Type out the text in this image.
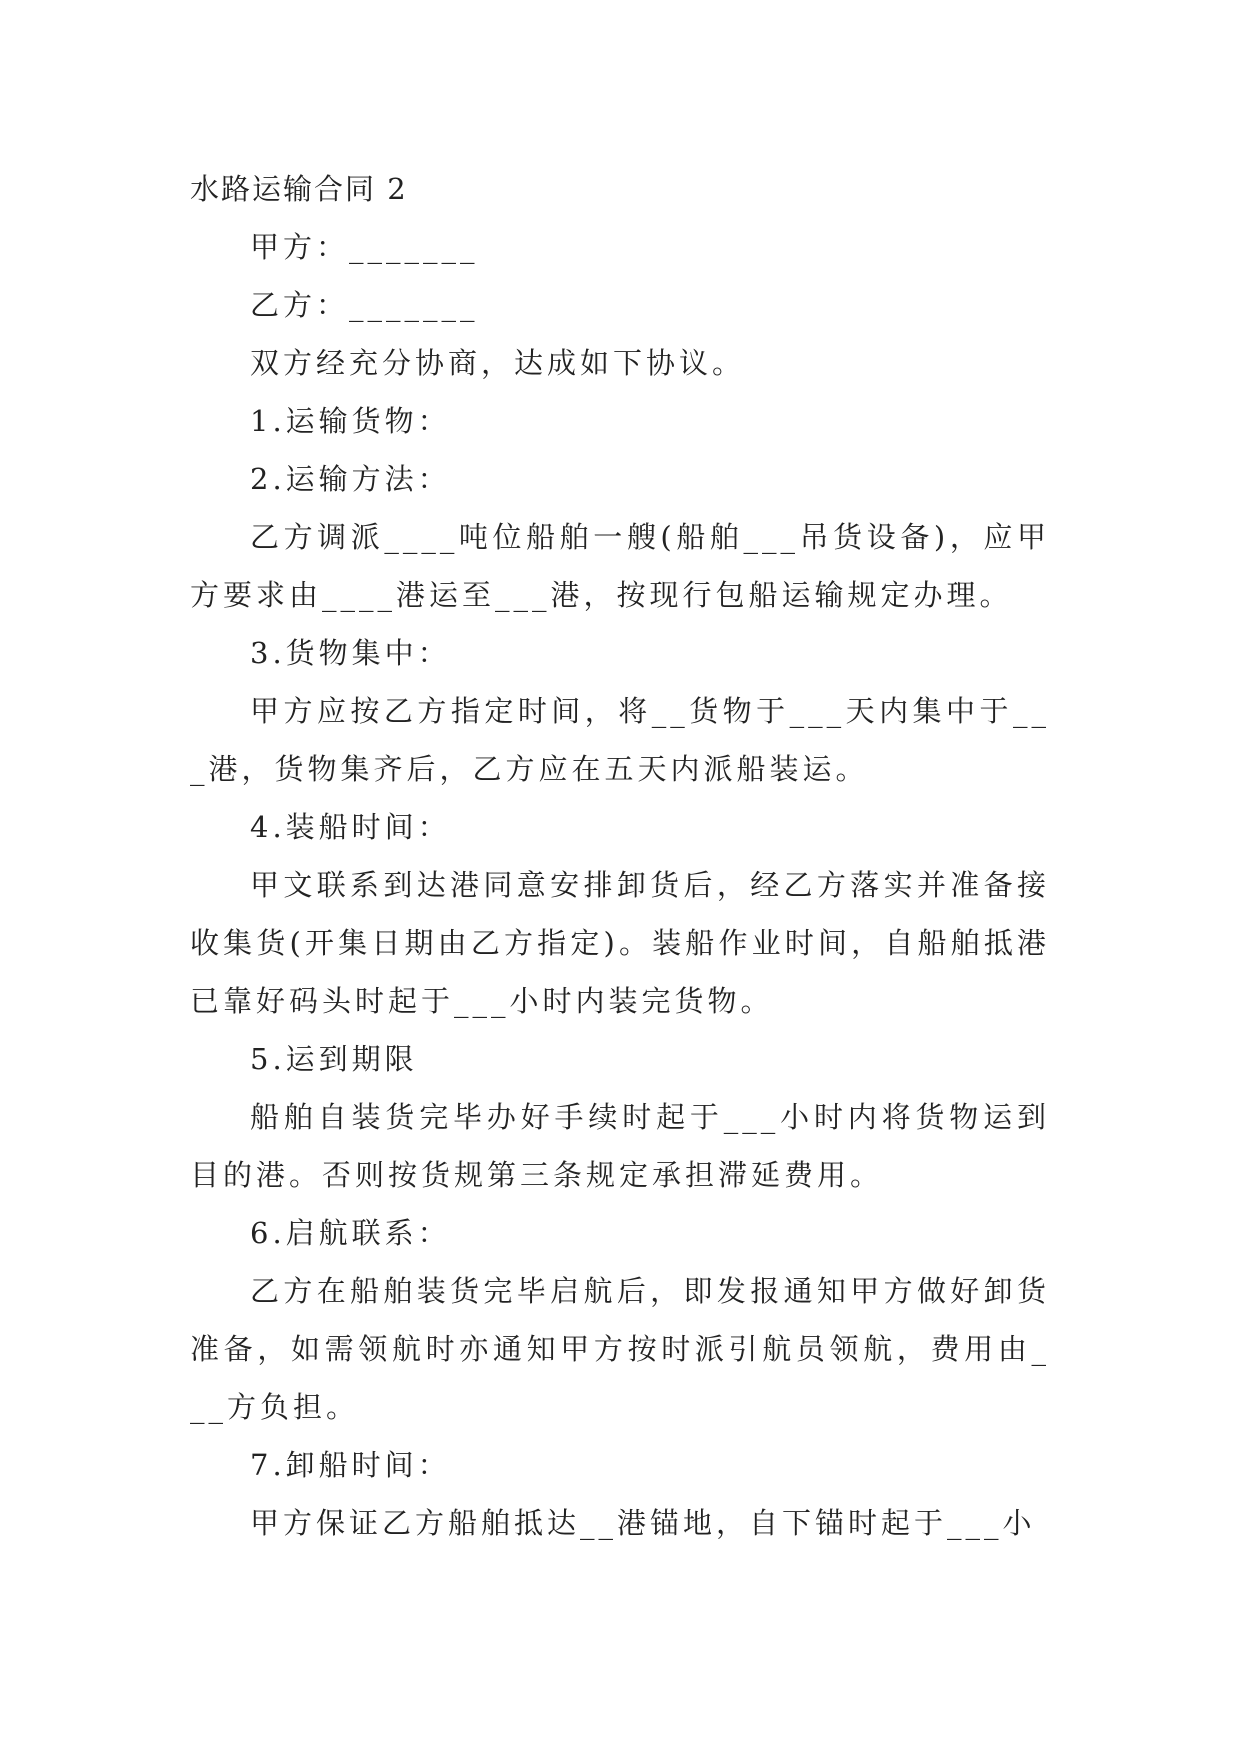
水路运输合同 2

甲方：_______

乙方：_______

双方经充分协商，达成如下协议。

1.运输货物：

2.运输方法：

乙方调派____吨位船舶一艘(船舶___吊货设备)，应甲方要求由____港运至___港，按现行包船运输规定办理。

3.货物集中：

甲方应按乙方指定时间，将__货物于___天内集中于___港，货物集齐后，乙方应在五天内派船装运。

4.装船时间：

甲文联系到达港同意安排卸货后，经乙方落实并准备接收集货(开集日期由乙方指定)。装船作业时间，自船舶抵港已靠好码头时起于___小时内装完货物。

5.运到期限

船舶自装货完毕办好手续时起于___小时内将货物运到目的港。否则按货规第三条规定承担滞延费用。

6.启航联系：

乙方在船舶装货完毕启航后，即发报通知甲方做好卸货准备，如需领航时亦通知甲方按时派引航员领航，费用由___方负担。

7.卸船时间：

甲方保证乙方船舶抵达__港锚地，自下锚时起于___小
